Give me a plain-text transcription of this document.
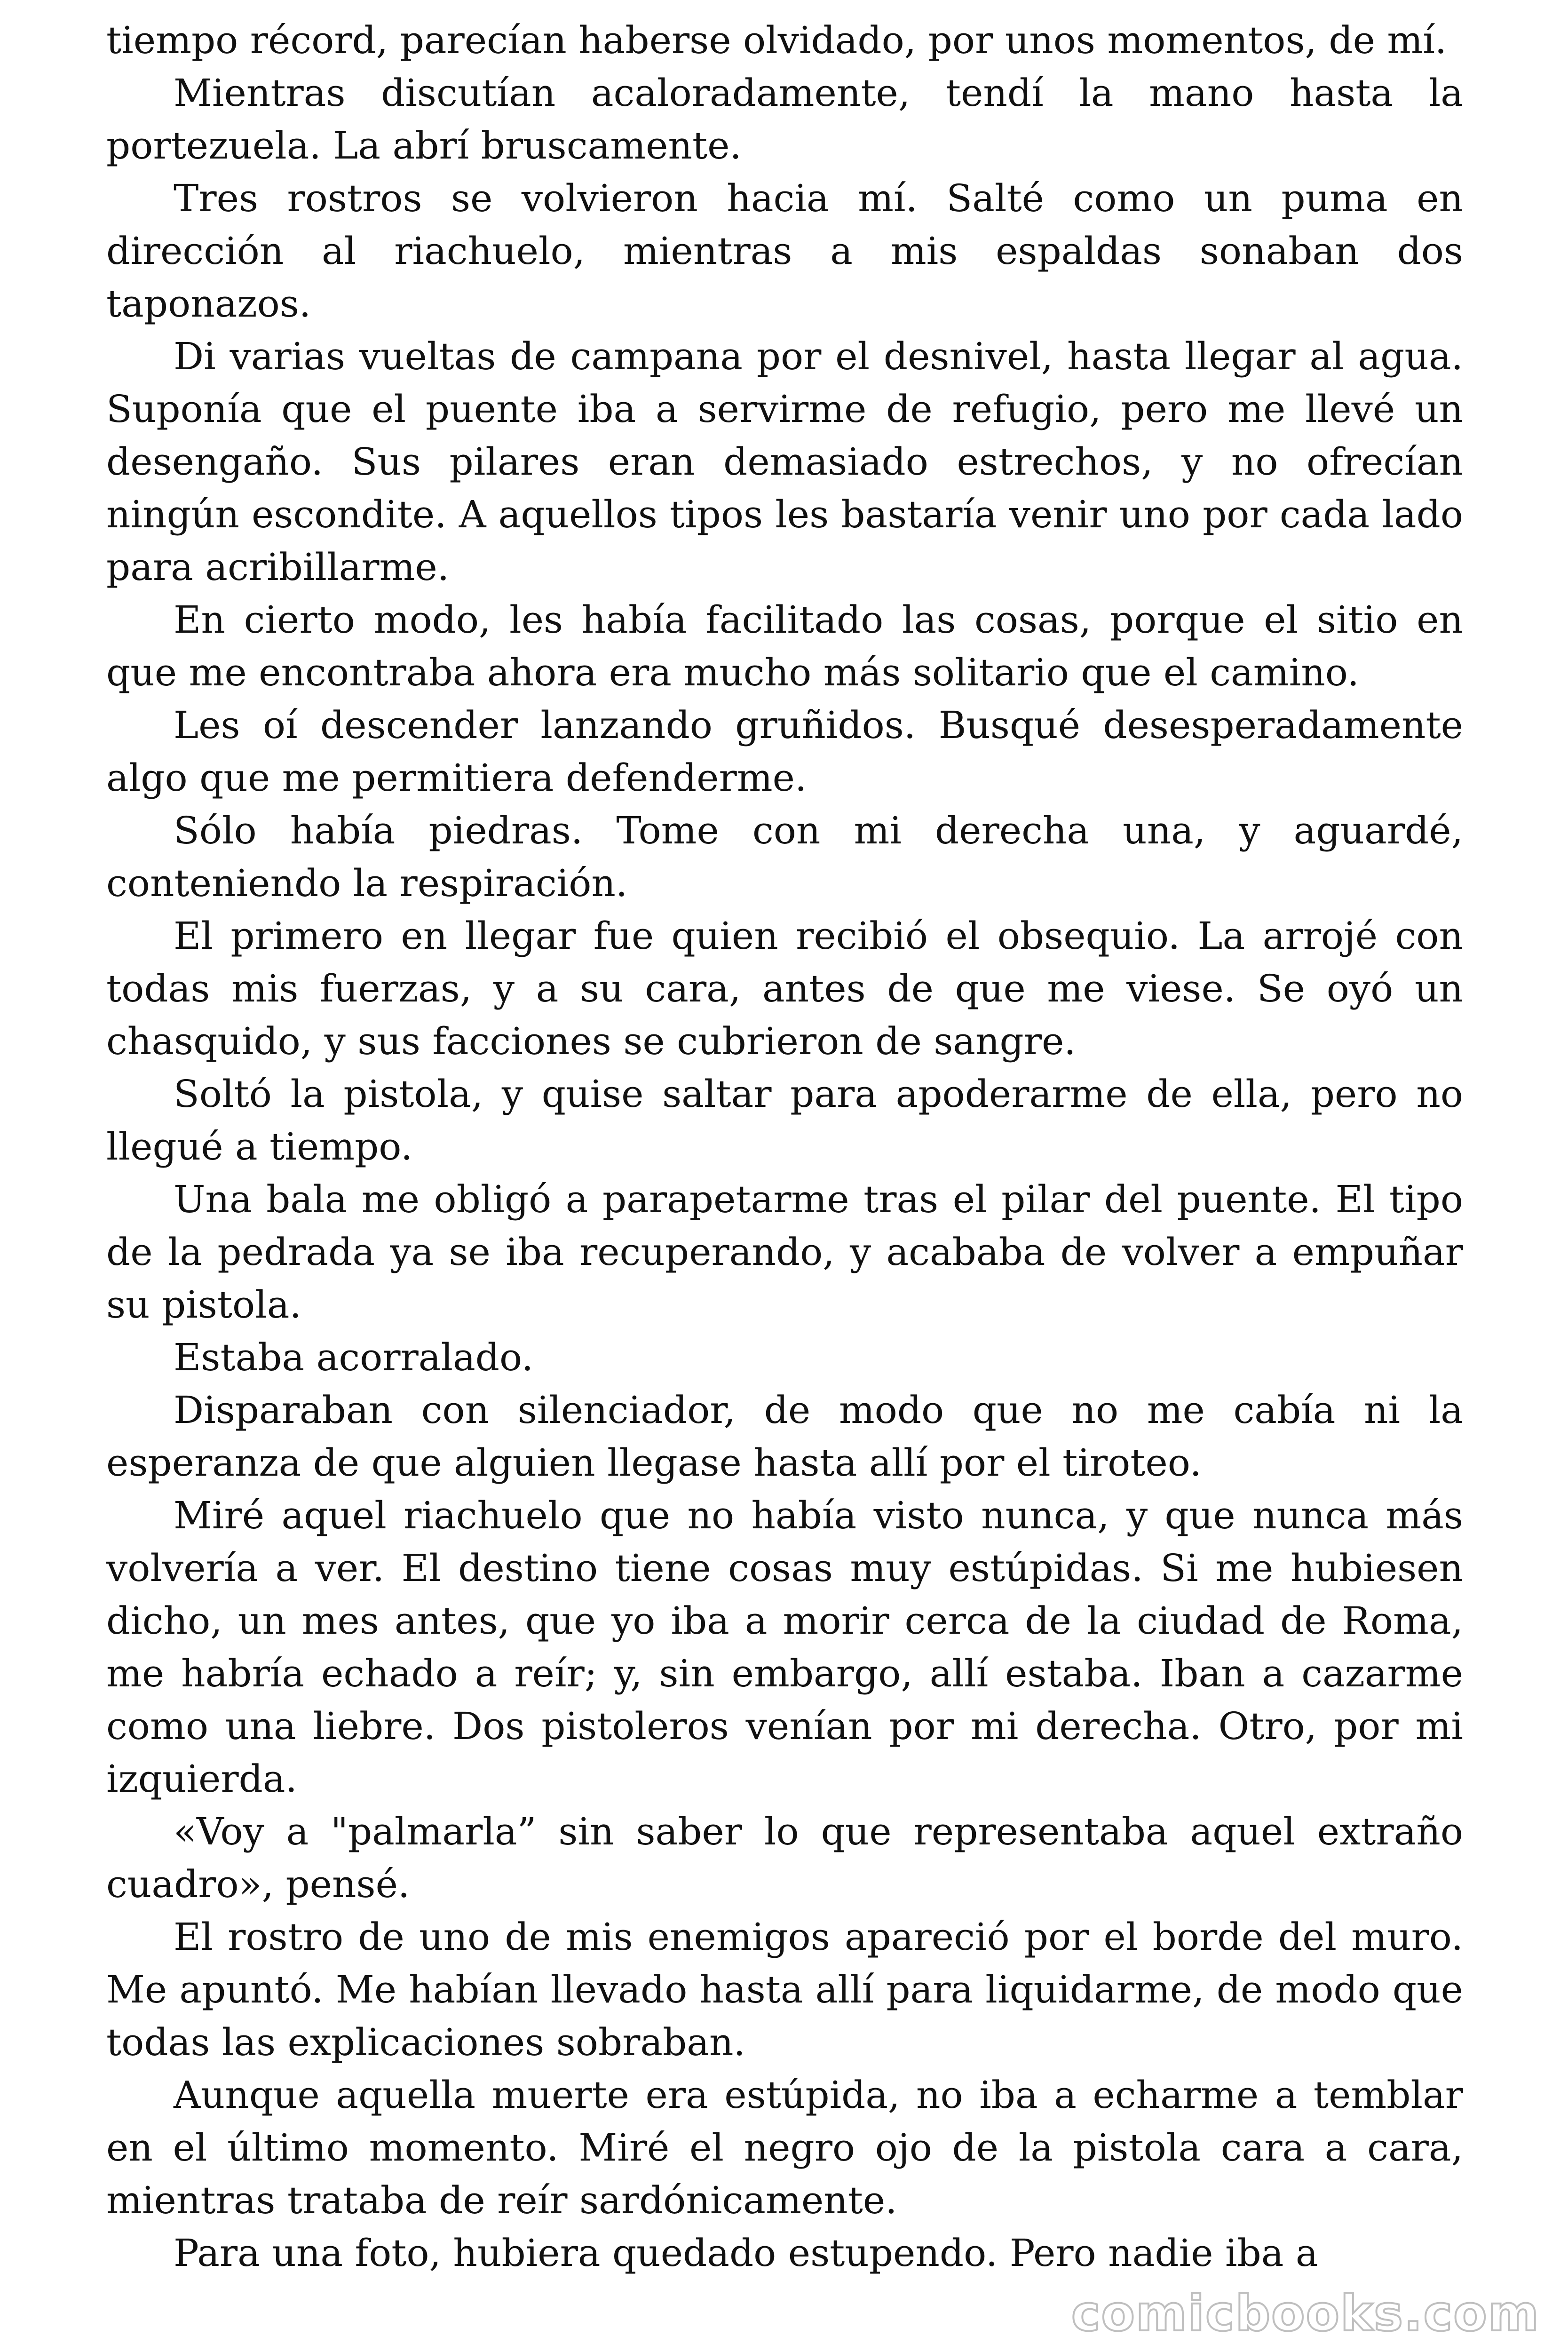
tiempo récord, parecían haberse olvidado, por unos momentos, de mí.

Mientras discutían acaloradamente, tendí la mano hasta la portezuela. La abrí bruscamente.

Tres rostros se volvieron hacia mí. Salté como un puma en dirección al riachuelo, mientras a mis espaldas sonaban dos taponazos.

Di varias vueltas de campana por el desnivel, hasta llegar al agua. Suponía que el puente iba a servirme de refugio, pero me llevé un desengaño. Sus pilares eran demasiado estrechos, y no ofrecían ningún escondite. A aquellos tipos les bastaría venir uno por cada lado para acribillarme.

En cierto modo, les había facilitado las cosas, porque el sitio en que me encontraba ahora era mucho más solitario que el camino.

Les oí descender lanzando gruñidos. Busqué desesperadamente algo que me permitiera defenderme.

Sólo había piedras. Tome con mi derecha una, y aguardé, conteniendo la respiración.

El primero en llegar fue quien recibió el obsequio. La arrojé con todas mis fuerzas, y a su cara, antes de que me viese. Se oyó un chasquido, y sus facciones se cubrieron de sangre.

Soltó la pistola, y quise saltar para apoderarme de ella, pero no llegué a tiempo.

Una bala me obligó a parapetarme tras el pilar del puente. El tipo de la pedrada ya se iba recuperando, y acababa de volver a empuñar su pistola.

Estaba acorralado.

Disparaban con silenciador, de modo que no me cabía ni la esperanza de que alguien llegase hasta allí por el tiroteo.

Miré aquel riachuelo que no había visto nunca, y que nunca más volvería a ver. El destino tiene cosas muy estúpidas. Si me hubiesen dicho, un mes antes, que yo iba a morir cerca de la ciudad de Roma, me habría echado a reír; y, sin embargo, allí estaba. Iban a cazarme como una liebre. Dos pistoleros venían por mi derecha. Otro, por mi izquierda.

«Voy a "palmarla” sin saber lo que representaba aquel extraño cuadro», pensé.

El rostro de uno de mis enemigos apareció por el borde del muro. Me apuntó. Me habían llevado hasta allí para liquidarme, de modo que todas las explicaciones sobraban.

Aunque aquella muerte era estúpida, no iba a echarme a temblar en el último momento. Miré el negro ojo de la pistola cara a cara, mientras trataba de reír sardónicamente.

Para una foto, hubiera quedado estupendo. Pero nadie iba a

comicbooks.com
